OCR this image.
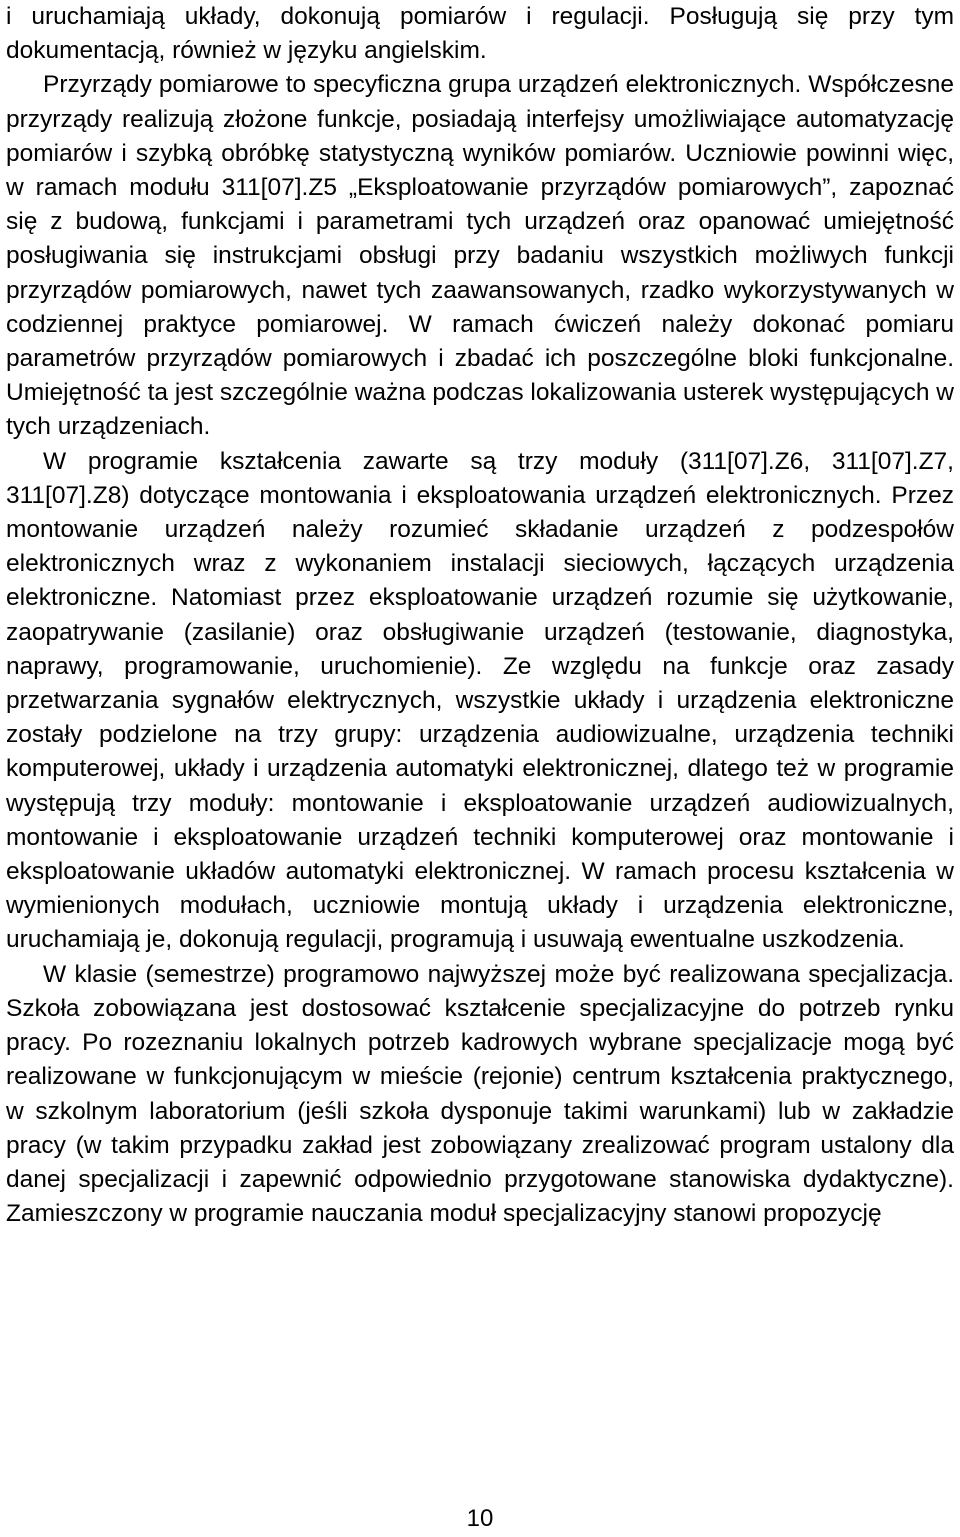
i uruchamiają układy, dokonują pomiarów i regulacji. Posługują się przy tym dokumentacją, również w języku angielskim.

Przyrządy pomiarowe to specyficzna grupa urządzeń elektronicznych. Współczesne przyrządy realizują złożone funkcje, posiadają interfejsy umożliwiające automatyzację pomiarów i szybką obróbkę statystyczną wyników pomiarów. Uczniowie powinni więc, w ramach modułu 311[07].Z5 „Eksploatowanie przyrządów pomiarowych”, zapoznać się z budową, funkcjami i parametrami tych urządzeń oraz opanować umiejętność posługiwania się instrukcjami obsługi przy badaniu wszystkich możliwych funkcji przyrządów pomiarowych, nawet tych zaawansowanych, rzadko wykorzystywanych w codziennej praktyce pomiarowej. W ramach ćwiczeń należy dokonać pomiaru parametrów przyrządów pomiarowych i zbadać ich poszczególne bloki funkcjonalne. Umiejętność ta jest szczególnie ważna podczas lokalizowania usterek występujących w tych urządzeniach.

W programie kształcenia zawarte są trzy moduły (311[07].Z6, 311[07].Z7, 311[07].Z8) dotyczące montowania i eksploatowania urządzeń elektronicznych. Przez montowanie urządzeń należy rozumieć składanie urządzeń z podzespołów elektronicznych wraz z wykonaniem instalacji sieciowych, łączących urządzenia elektroniczne. Natomiast przez eksploatowanie urządzeń rozumie się użytkowanie, zaopatrywanie (zasilanie) oraz obsługiwanie urządzeń (testowanie, diagnostyka, naprawy, programowanie, uruchomienie). Ze względu na funkcje oraz zasady przetwarzania sygnałów elektrycznych, wszystkie układy i urządzenia elektroniczne zostały podzielone na trzy grupy: urządzenia audiowizualne, urządzenia techniki komputerowej, układy i urządzenia automatyki elektronicznej, dlatego też w programie występują trzy moduły: montowanie i eksploatowanie urządzeń audiowizualnych, montowanie i eksploatowanie urządzeń techniki komputerowej oraz montowanie i eksploatowanie układów automatyki elektronicznej. W ramach procesu kształcenia w wymienionych modułach, uczniowie montują układy i urządzenia elektroniczne, uruchamiają je, dokonują regulacji, programują i usuwają ewentualne uszkodzenia.

W klasie (semestrze) programowo najwyższej może być realizowana specjalizacja. Szkoła zobowiązana jest dostosować kształcenie specjalizacyjne do potrzeb rynku pracy. Po rozeznaniu lokalnych potrzeb kadrowych wybrane specjalizacje mogą być realizowane w funkcjonującym w mieście (rejonie) centrum kształcenia praktycznego, w szkolnym laboratorium (jeśli szkoła dysponuje takimi warunkami) lub w zakładzie pracy (w takim przypadku zakład jest zobowiązany zrealizować program ustalony dla danej specjalizacji i zapewnić odpowiednio przygotowane stanowiska dydaktyczne). Zamieszczony w programie nauczania moduł specjalizacyjny stanowi propozycję

10
